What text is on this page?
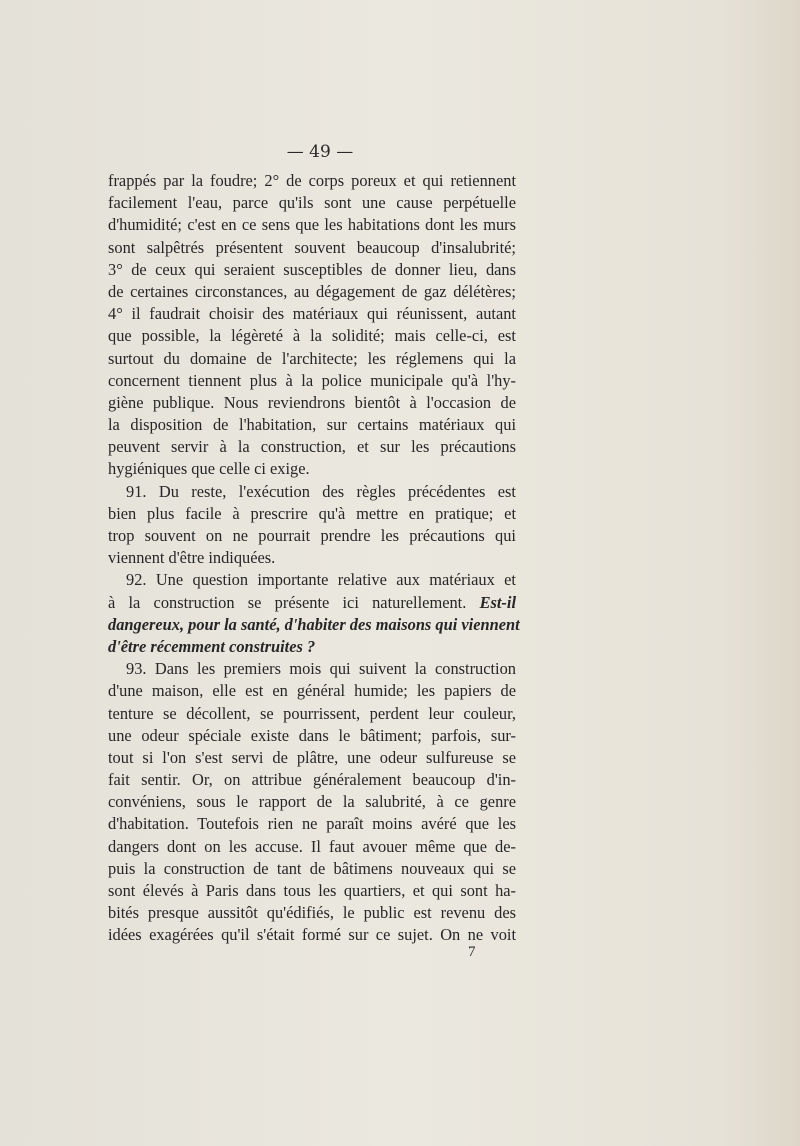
— 49 —
frappés par la foudre; 2° de corps poreux et qui retiennent
facilement l'eau, parce qu'ils sont une cause perpétuelle
d'humidité; c'est en ce sens que les habitations dont les murs
sont salpêtrés présentent souvent beaucoup d'insalubrité;
3° de ceux qui seraient susceptibles de donner lieu, dans
de certaines circonstances, au dégagement de gaz délétères;
4° il faudrait choisir des matériaux qui réunissent, autant
que possible, la légèreté à la solidité; mais celle-ci, est
surtout du domaine de l'architecte; les réglemens qui la
concernent tiennent plus à la police municipale qu'à l'hy-
giène publique. Nous reviendrons bientôt à l'occasion de
la disposition de l'habitation, sur certains matériaux qui
peuvent servir à la construction, et sur les précautions
hygiéniques que celle ci exige.
91. Du reste, l'exécution des règles précédentes est
bien plus facile à prescrire qu'à mettre en pratique; et
trop souvent on ne pourrait prendre les précautions qui
viennent d'être indiquées.
92. Une question importante relative aux matériaux et
à la construction se présente ici naturellement. Est-il
dangereux, pour la santé, d'habiter des maisons qui viennent
d'être récemment construites ?
93. Dans les premiers mois qui suivent la construction
d'une maison, elle est en général humide; les papiers de
tenture se décollent, se pourrissent, perdent leur couleur,
une odeur spéciale existe dans le bâtiment; parfois, sur-
tout si l'on s'est servi de plâtre, une odeur sulfureuse se
fait sentir. Or, on attribue généralement beaucoup d'in-
convéniens, sous le rapport de la salubrité, à ce genre
d'habitation. Toutefois rien ne paraît moins avéré que les
dangers dont on les accuse. Il faut avouer même que de-
puis la construction de tant de bâtimens nouveaux qui se
sont élevés à Paris dans tous les quartiers, et qui sont ha-
bités presque aussitôt qu'édifiés, le public est revenu des
idées exagérées qu'il s'était formé sur ce sujet. On ne voit
7
